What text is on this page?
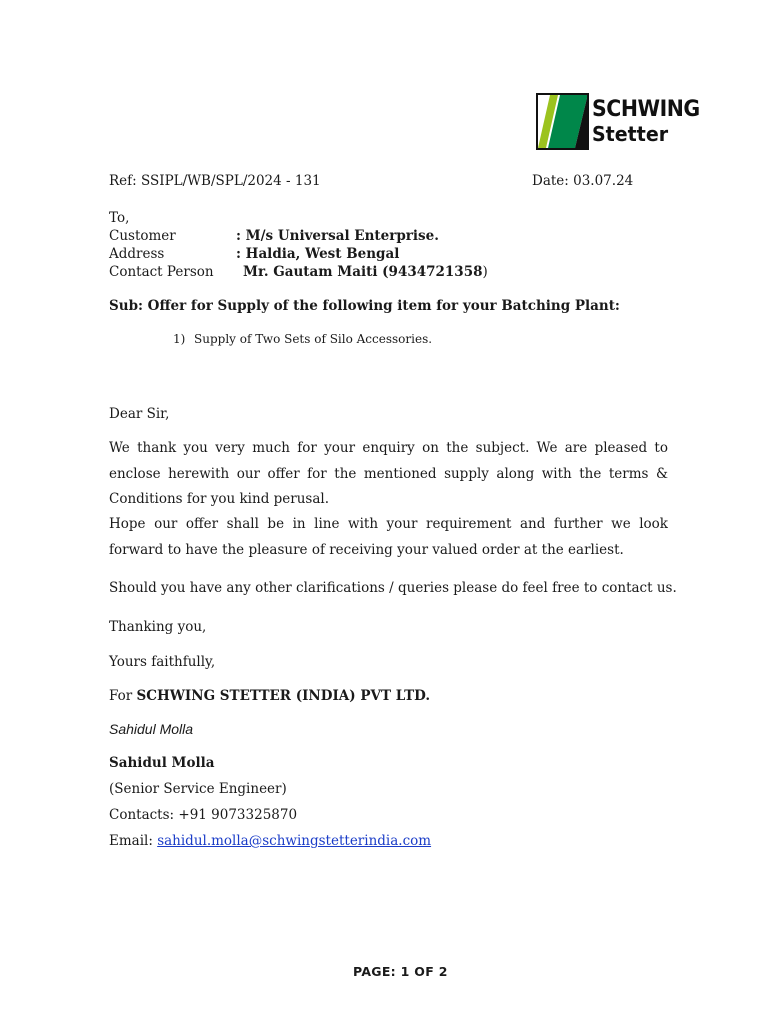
SCHWING
Stetter
Ref: SSIPL/WB/SPL/2024 - 131	Date: 03.07.24
To,
Customer	: M/s Universal Enterprise.
Address	: Haldia, West Bengal
Contact Person Mr. Gautam Maiti (9434721358)
Sub: Offer for Supply of the following item for your Batching Plant:
1) Supply of Two Sets of Silo Accessories.
Dear Sir,
We thank you very much for your enquiry on the subject. We are pleased to enclose herewith our offer for the mentioned supply along with the terms & Conditions for you kind perusal.
Hope our offer shall be in line with your requirement and further we look forward to have the pleasure of receiving your valued order at the earliest.
Should you have any other clarifications / queries please do feel free to contact us.
Thanking you,
Yours faithfully,
For SCHWING STETTER (INDIA) PVT LTD.
Sahidul Molla
Sahidul Molla
(Senior Service Engineer)
Contacts: +91 9073325870
Email: sahidul.molla@schwingstetterindia.com
PAGE: 1 OF 2
